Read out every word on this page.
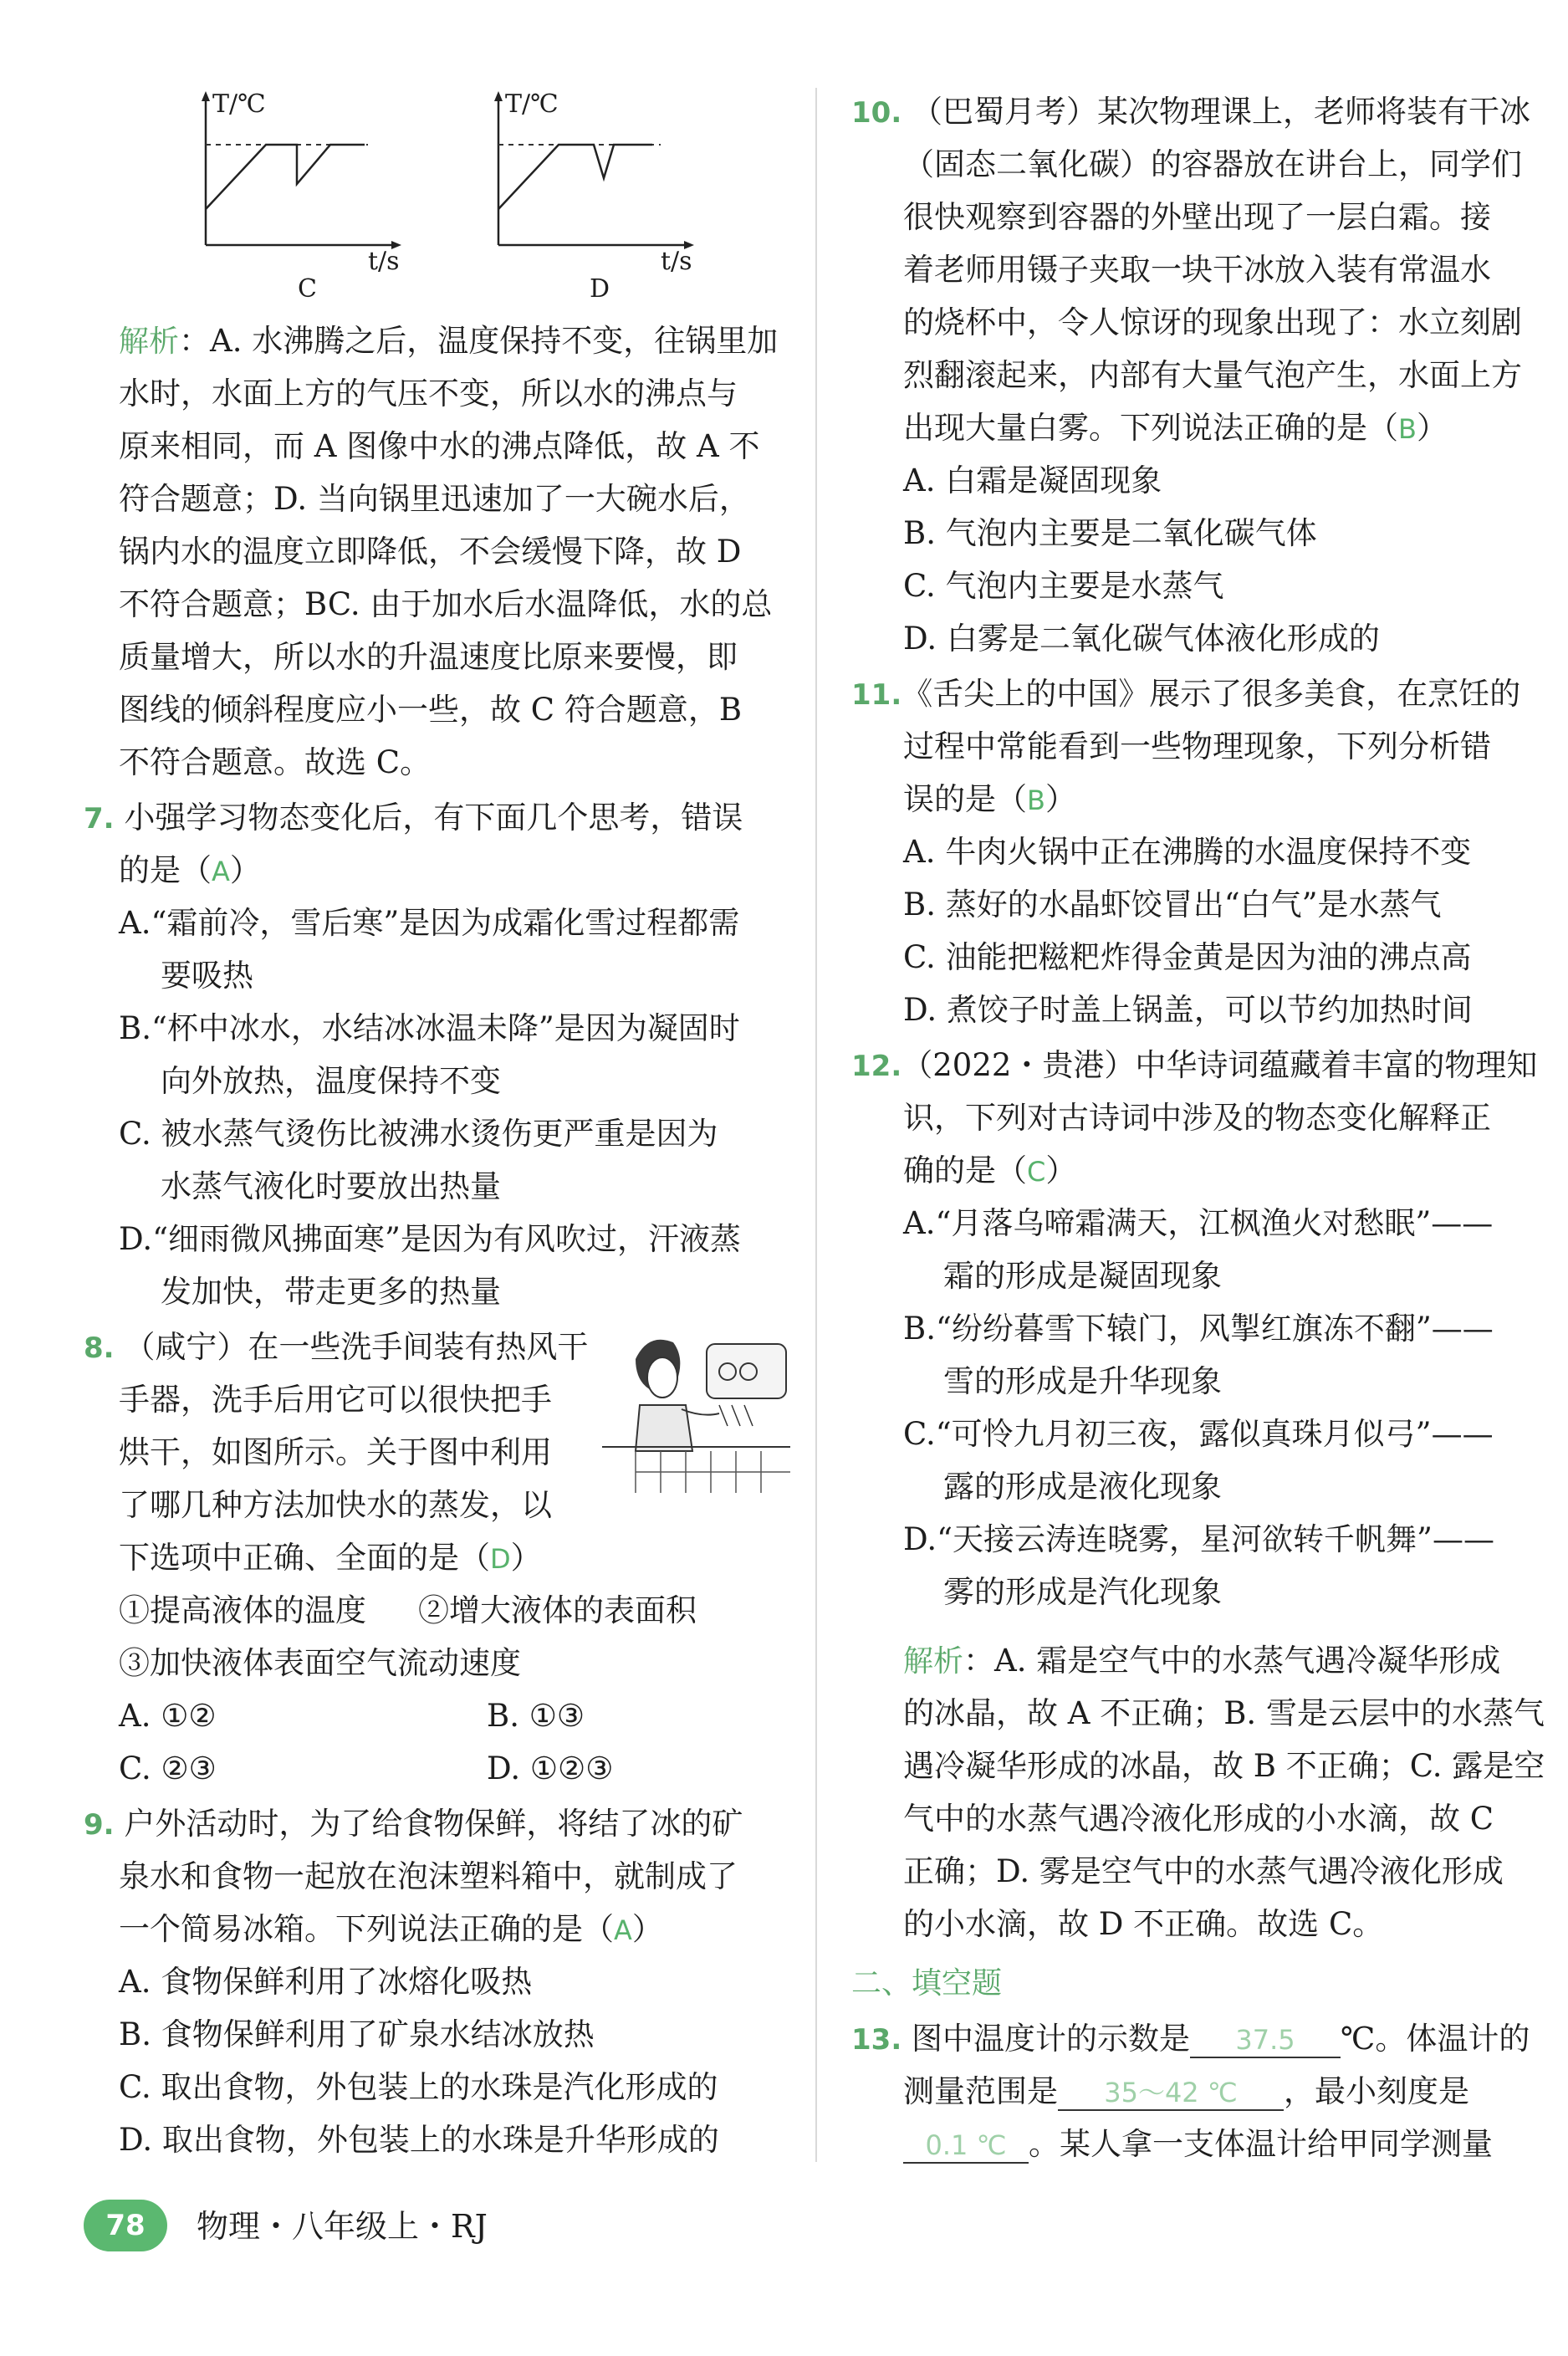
T/℃
t/s
C
T/℃
t/s
D
解析：A. 水沸腾之后，温度保持不变，往锅里加
水时，水面上方的气压不变，所以水的沸点与
原来相同，而 A 图像中水的沸点降低，故 A 不
符合题意；D. 当向锅里迅速加了一大碗水后，
锅内水的温度立即降低，不会缓慢下降，故 D
不符合题意；BC. 由于加水后水温降低，水的总
质量增大，所以水的升温速度比原来要慢，即
图线的倾斜程度应小一些，故 C 符合题意，B
不符合题意。故选 C。
7. 小强学习物态变化后，有下面几个思考，错误
的是（A）
A.“霜前冷，雪后寒”是因为成霜化雪过程都需
要吸热
B.“杯中冰水，水结冰冰温未降”是因为凝固时
向外放热，温度保持不变
C. 被水蒸气烫伤比被沸水烫伤更严重是因为
水蒸气液化时要放出热量
D.“细雨微风拂面寒”是因为有风吹过，汗液蒸
发加快，带走更多的热量
8. （咸宁）在一些洗手间装有热风干
手器，洗手后用它可以很快把手
烘干，如图所示。关于图中利用
了哪几种方法加快水的蒸发，以
下选项中正确、全面的是（D）
①提高液体的温度 ②增大液体的表面积
③加快液体表面空气流动速度
A. ①②	B. ①③
C. ②③	D. ①②③
9. 户外活动时，为了给食物保鲜，将结了冰的矿
泉水和食物一起放在泡沫塑料箱中，就制成了
一个简易冰箱。下列说法正确的是（A）
A. 食物保鲜利用了冰熔化吸热
B. 食物保鲜利用了矿泉水结冰放热
C. 取出食物，外包装上的水珠是汽化形成的
D. 取出食物，外包装上的水珠是升华形成的
10. （巴蜀月考）某次物理课上，老师将装有干冰
（固态二氧化碳）的容器放在讲台上，同学们
很快观察到容器的外壁出现了一层白霜。接
着老师用镊子夹取一块干冰放入装有常温水
的烧杯中，令人惊讶的现象出现了：水立刻剧
烈翻滚起来，内部有大量气泡产生，水面上方
出现大量白雾。下列说法正确的是（B）
A. 白霜是凝固现象
B. 气泡内主要是二氧化碳气体
C. 气泡内主要是水蒸气
D. 白雾是二氧化碳气体液化形成的
11.《舌尖上的中国》展示了很多美食，在烹饪的
过程中常能看到一些物理现象，下列分析错
误的是（B）
A. 牛肉火锅中正在沸腾的水温度保持不变
B. 蒸好的水晶虾饺冒出“白气”是水蒸气
C. 油能把糍粑炸得金黄是因为油的沸点高
D. 煮饺子时盖上锅盖，可以节约加热时间
12.（2022・贵港）中华诗词蕴藏着丰富的物理知
识，下列对古诗词中涉及的物态变化解释正
确的是（C）
A.“月落乌啼霜满天，江枫渔火对愁眠”——
霜的形成是凝固现象
B.“纷纷暮雪下辕门，风掣红旗冻不翻”——
雪的形成是升华现象
C.“可怜九月初三夜，露似真珠月似弓”——
露的形成是液化现象
D.“天接云涛连晓雾，星河欲转千帆舞”——
雾的形成是汽化现象
解析：A. 霜是空气中的水蒸气遇冷凝华形成
的冰晶，故 A 不正确；B. 雪是云层中的水蒸气
遇冷凝华形成的冰晶，故 B 不正确；C. 露是空
气中的水蒸气遇冷液化形成的小水滴，故 C
正确；D. 雾是空气中的水蒸气遇冷液化形成
的小水滴，故 D 不正确。故选 C。
二、填空题
13. 图中温度计的示数是 37.5 ℃。体温计的
测量范围是 35～42 ℃ ，最小刻度是
0.1 ℃ 。某人拿一支体温计给甲同学测量
78	物理・八年级上・RJ
